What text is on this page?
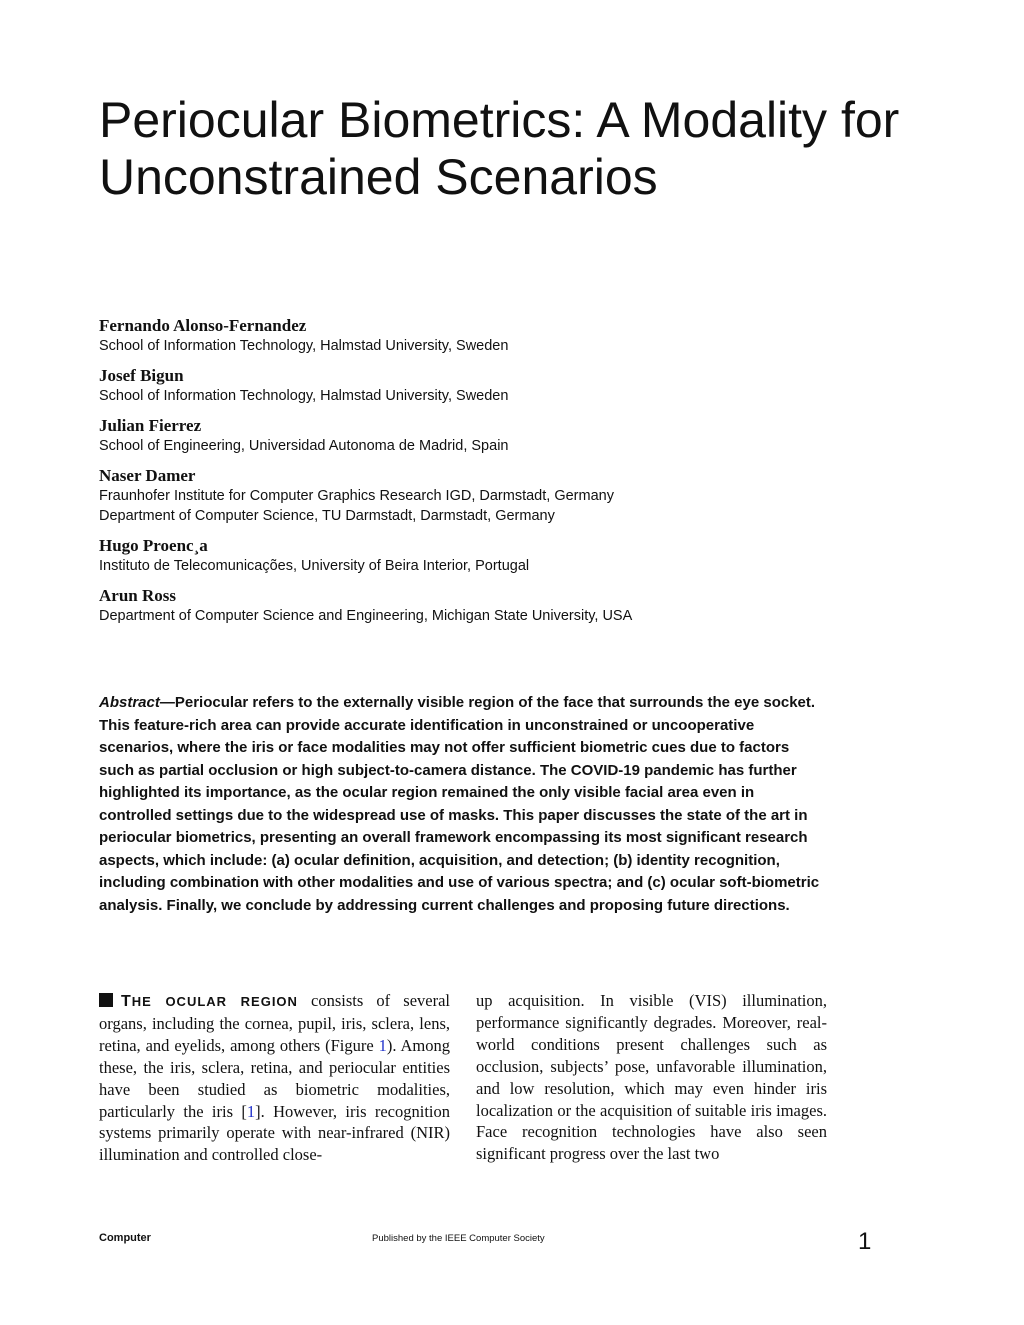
Periocular Biometrics: A Modality for Unconstrained Scenarios
Fernando Alonso-Fernandez
School of Information Technology, Halmstad University, Sweden
Josef Bigun
School of Information Technology, Halmstad University, Sweden
Julian Fierrez
School of Engineering, Universidad Autonoma de Madrid, Spain
Naser Damer
Fraunhofer Institute for Computer Graphics Research IGD, Darmstadt, Germany
Department of Computer Science, TU Darmstadt, Darmstadt, Germany
Hugo Proenc¸a
Instituto de Telecomunicações, University of Beira Interior, Portugal
Arun Ross
Department of Computer Science and Engineering, Michigan State University, USA

Abstract—Periocular refers to the externally visible region of the face that surrounds the eye socket. This feature-rich area can provide accurate identification in unconstrained or uncooperative scenarios, where the iris or face modalities may not offer sufficient biometric cues due to factors such as partial occlusion or high subject-to-camera distance. The COVID-19 pandemic has further highlighted its importance, as the ocular region remained the only visible facial area even in controlled settings due to the widespread use of masks. This paper discusses the state of the art in periocular biometrics, presenting an overall framework encompassing its most significant research aspects, which include: (a) ocular definition, acquisition, and detection; (b) identity recognition, including combination with other modalities and use of various spectra; and (c) ocular soft-biometric analysis. Finally, we conclude by addressing current challenges and proposing future directions.

THE OCULAR REGION consists of several organs, including the cornea, pupil, iris, sclera, lens, retina, and eyelids, among others (Figure 1). Among these, the iris, sclera, retina, and periocular entities have been studied as biometric modalities, particularly the iris [1]. However, iris recognition systems primarily operate with near-infrared (NIR) illumination and controlled close-

up acquisition. In visible (VIS) illumination, performance significantly degrades. Moreover, real-world conditions present challenges such as occlusion, subjects’ pose, unfavorable illumination, and low resolution, which may even hinder iris localization or the acquisition of suitable iris images. Face recognition technologies have also seen significant progress over the last two

Computer	Published by the IEEE Computer Society	1
